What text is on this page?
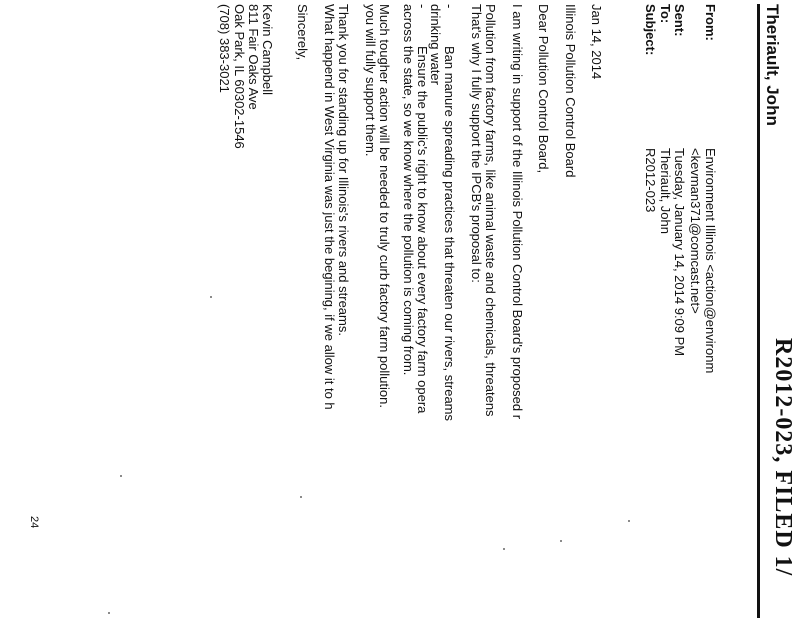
R2012-023, FILED 1/
Theriault, John
From:
Environment Illinois <action@environm
<kevman371@comcast.net>
Sent:
Tuesday, January 14, 2014 9:09 PM
To:
Theriault, John
Subject:
R2012-023
Jan 14, 2014
Illinois Pollution Control Board
Dear Pollution Control Board,
I am writing in support of the Illinois Pollution Control Board's proposed r
Pollution from factory farms, like animal waste and chemicals, threatens
That's why I fully support the IPCB's proposal to:
-
Ban manure spreading practices that threaten our rivers, streams
drinking water
-
Ensure the public's right to know about every factory farm opera
across the state, so we know where the pollution is coming from.
Much tougher action will be needed to truly curb factory farm pollution.
you will fully support them.
Thank you for standing up for Illinois's rivers and streams.
What happend in West Virginia was just the begining, if we allow it to h
Sincerely,
Kevin Campbell
811 Fair Oaks Ave
Oak Park, IL 60302-1546
(708) 383-3021
24
